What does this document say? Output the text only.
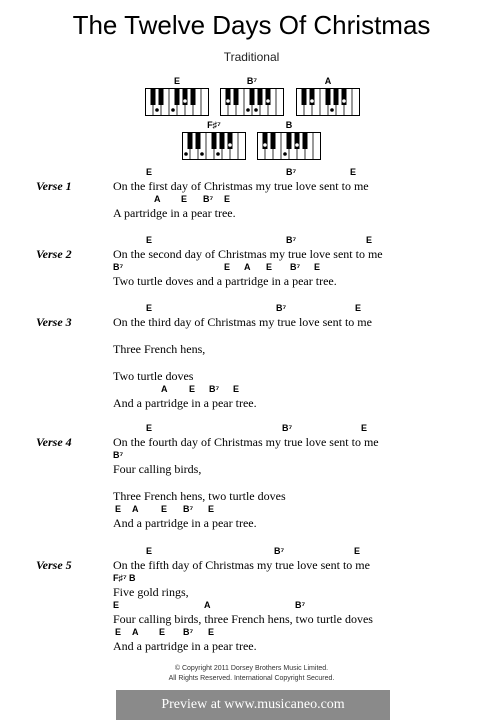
The Twelve Days Of Christmas
Traditional
E	B⁷	A
F♯⁷	B
Verse 1	On the first day of Christmas my true love sent to me
E	B⁷	E
A partridge in a pear tree.
A E B⁷ E
Verse 2	On the second day of Christmas my true love sent to me
E	B⁷	E
Two turtle doves and a partridge in a pear tree.
B⁷	E A E B⁷ E
Verse 3	On the third day of Christmas my true love sent to me
E	B⁷	E
Three French hens,
Two turtle doves
And a partridge in a pear tree.
A E B⁷ E
Verse 4	On the fourth day of Christmas my true love sent to me
E	B⁷	E
Four calling birds,
B⁷
Three French hens, two turtle doves
And a partridge in a pear tree.
E A	E B⁷ E
Verse 5	On the fifth day of Christmas my true love sent to me
E	B⁷	E
Five gold rings,
F♯⁷ B
Four calling birds, three French hens, two turtle doves
E	A	B⁷
And a partridge in a pear tree.
E A E B⁷ E
© Copyright 2011 Dorsey Brothers Music Limited.
All Rights Reserved. International Copyright Secured.
Preview at www.musicaneo.com
